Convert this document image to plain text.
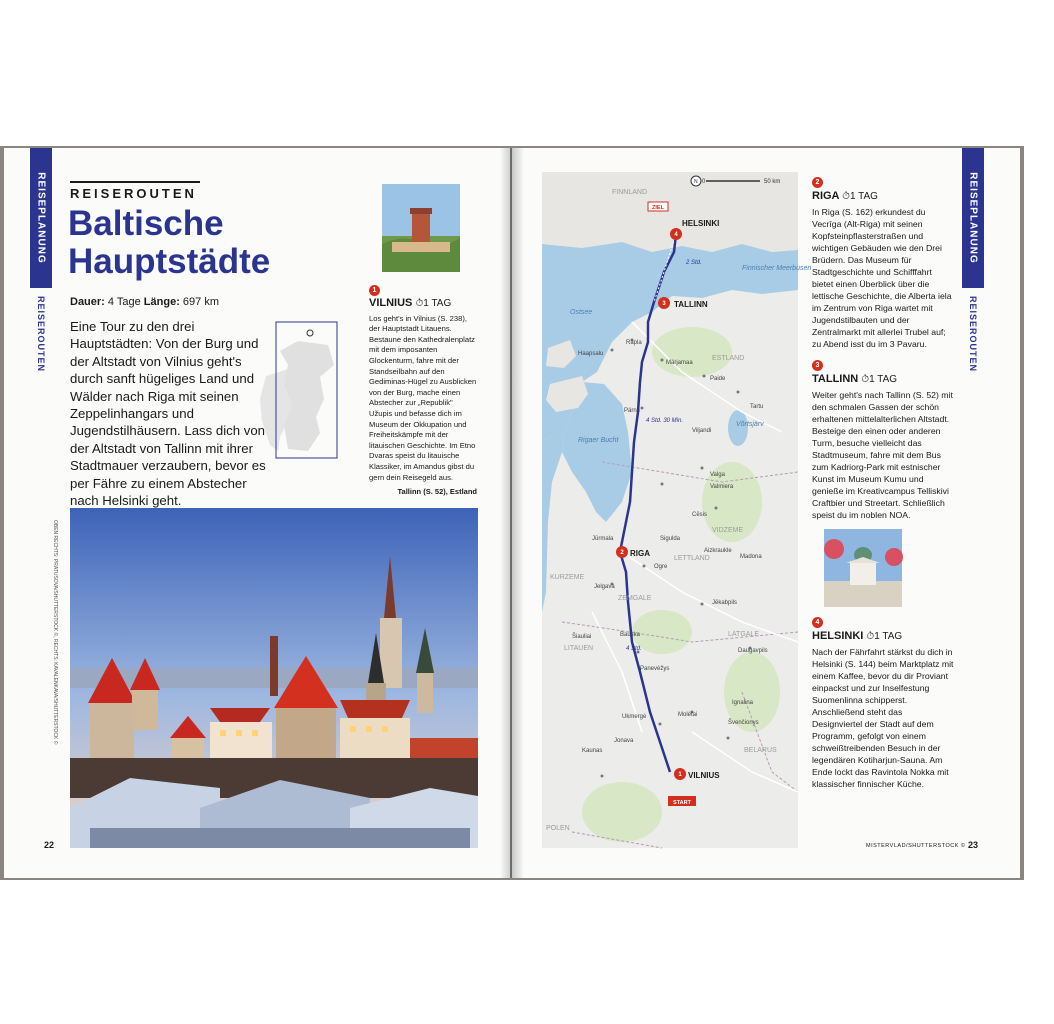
REISEPLANUNG
REISEROUTEN
REISEROUTEN
Baltische
Hauptstädte
Dauer: 4 Tage Länge: 697 km
Eine Tour zu den drei Hauptstädten: Von der Burg und der Altstadt von Vilnius geht's durch sanft hügeliges Land und Wälder nach Riga mit seinen Zeppelinhangars und Jugendstilhäusern. Lass dich von der Altstadt von Tallinn mit ihrer Stadtmauer verzaubern, bevor es per Fähre zu einem Abstecher nach Helsinki geht.
1
VILNIUS ⏱1 TAG
Los geht's in Vilnius (S. 238), der Hauptstadt Litauens. Bestaune den Kathedralenplatz mit dem imposanten Glockenturm, fahre mit der Standseilbahn auf den Gediminas-Hügel zu Ausblicken von der Burg, mache einen Abstecher zur „Republik" Užupis und befasse dich im Museum der Okkupation und Freiheitskämpfe mit der litauischen Geschichte. Im Etno Dvaras speist du litauische Klassiker, im Amandus gibst du gern dein Reisegeld aus.
Tallinn (S. 52), Estland
OBEN RECHTS: PRATUSOVA/SHUTTERSTOCK ©, RECHTS: KAVALENKAVA/SHUTTERSTOCK ©
22
REISEPLANUNG
REISEROUTEN
FINNLAND
ESTLAND
LETTLAND
LITAUEN
BELARUS
POLEN
VIDZEME
ZEMGALE
LATGALE
KURZEME
Finnischer Meerbusen
Ostsee
Rigaer Bucht
Võrtsjärv
Haapsalu
Rapla
Paide
Märjamaa
Tartu
Pärnu
Viljandi
Valga
Valmiera
Cēsis
Sigulda
Ogre
Jelgava
Jūrmala
Bauska
Aizkraukle
Madona
Jēkabpils
Daugavpils
Panevėžys
Šiauliai
Kaunas
Ukmergė	Molėtai
Ignalina
Jonava
Švenčionys
HELSINKI
TALLINN
RIGA
VILNIUS
4
3
2
1
ZIEL
START
2 Std.
4 Std. 30 Min.
4 Std.
0	50 km
N	2
RIGA ⏱1 TAG

In Riga (S. 162) erkundest du Vecrīga (Alt-Riga) mit seinen Kopfsteinpflasterstraßen und wichtigen Gebäuden wie den Drei Brüdern. Das Museum für Stadtgeschichte und Schifffahrt bietet einen Überblick über die lettische Geschichte, die Alberta iela im Zentrum von Riga wartet mit Jugendstilbauten und der Zentralmarkt mit allerlei Trubel auf; zu Abend isst du im 3 Pavaru.

3
TALLINN ⏱1 TAG

Weiter geht's nach Tallinn (S. 52) mit den schmalen Gassen der schön erhaltenen mittelalterlichen Altstadt. Besteige den einen oder anderen Turm, besuche vielleicht das Stadtmuseum, fahre mit dem Bus zum Kadriorg-Park mit estnischer Kunst im Museum Kumu und genieße im Kreativcampus Telliskivi Craftbier und Streetart. Schließlich speist du im noblen NOA.

4
HELSINKI ⏱1 TAG

Nach der Fährfahrt stärkst du dich in Helsinki (S. 144) beim Marktplatz mit einem Kaffee, bevor du dir Proviant einpackst und zur Inselfestung Suomenlinna schipperst. Anschließend steht das Designviertel der Stadt auf dem Programm, gefolgt von einem schweißtreibenden Besuch in der legendären Kotiharjun-Sauna. Am Ende lockt das Ravintola Nokka mit klassischer finnischer Küche.

MISTERVLAD/SHUTTERSTOCK © 23
